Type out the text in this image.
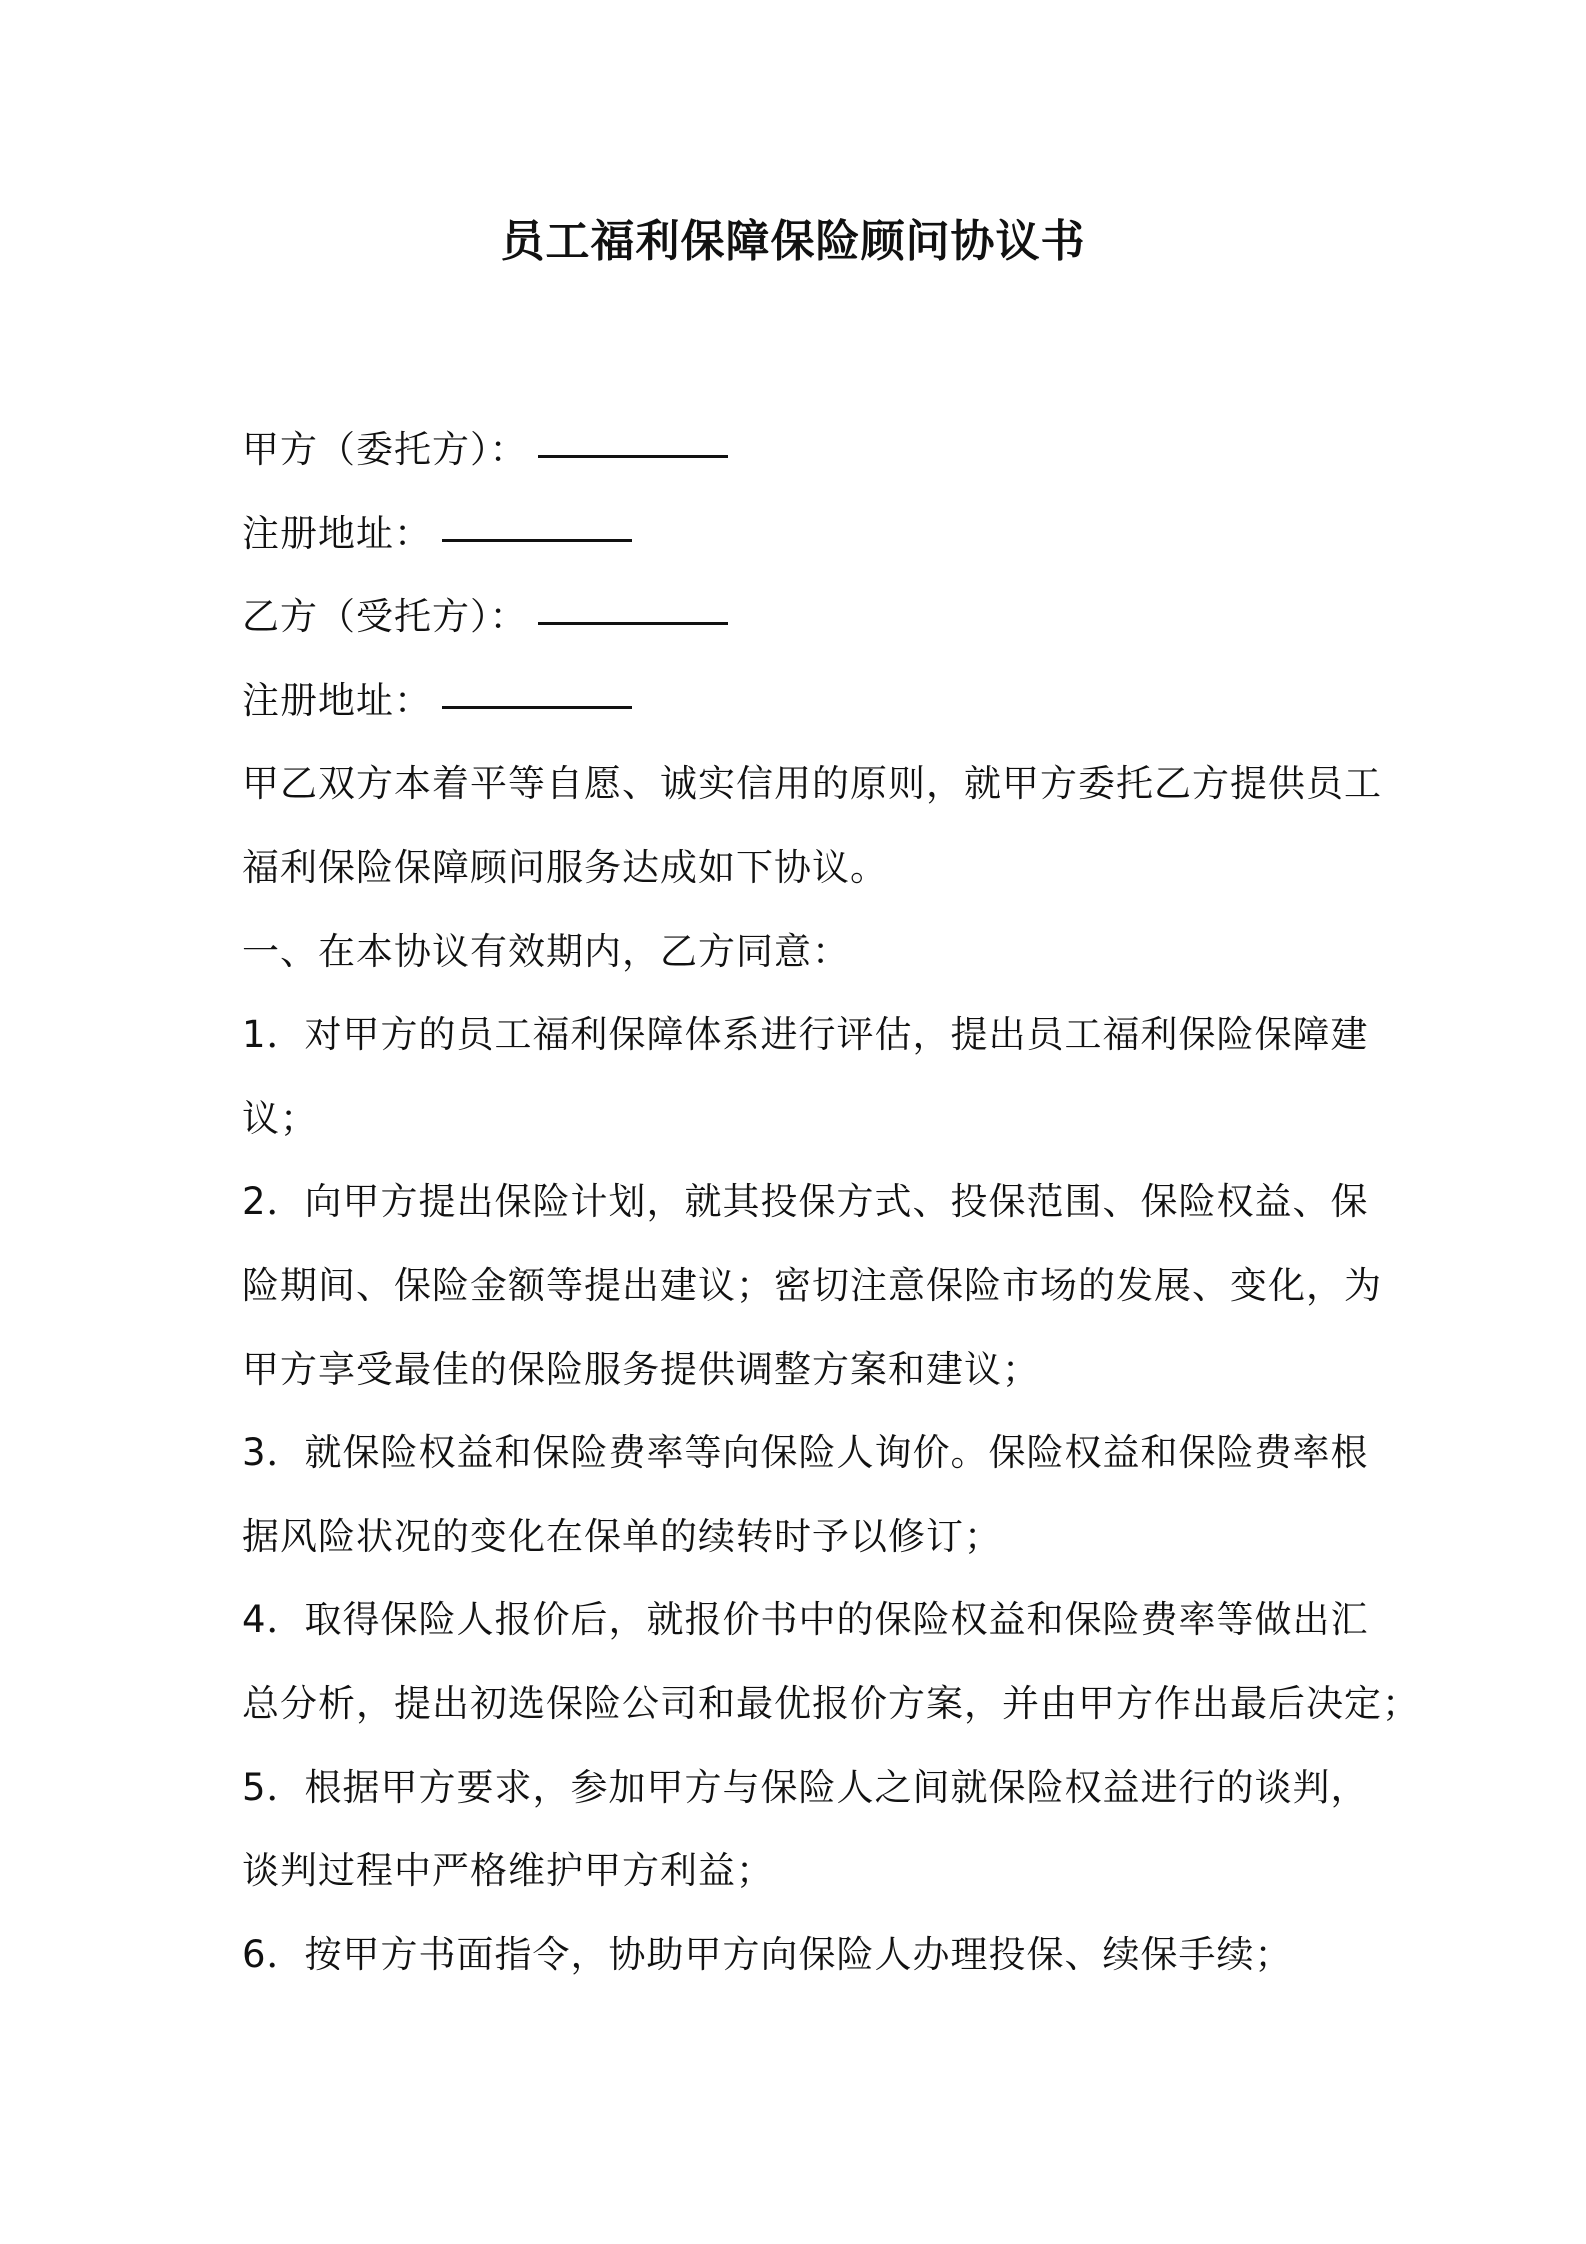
员工福利保障保险顾问协议书
甲方（委托方）：
注册地址：
乙方（受托方）：
注册地址：
甲乙双方本着平等自愿、诚实信用的原则，就甲方委托乙方提供员工
福利保险保障顾问服务达成如下协议。
一、在本协议有效期内，乙方同意：
1．对甲方的员工福利保障体系进行评估，提出员工福利保险保障建
议；
2．向甲方提出保险计划，就其投保方式、投保范围、保险权益、保
险期间、保险金额等提出建议；密切注意保险市场的发展、变化，为
甲方享受最佳的保险服务提供调整方案和建议；
3．就保险权益和保险费率等向保险人询价。保险权益和保险费率根
据风险状况的变化在保单的续转时予以修订；
4．取得保险人报价后，就报价书中的保险权益和保险费率等做出汇
总分析，提出初选保险公司和最优报价方案，并由甲方作出最后决定；
5．根据甲方要求，参加甲方与保险人之间就保险权益进行的谈判，
谈判过程中严格维护甲方利益；
6．按甲方书面指令，协助甲方向保险人办理投保、续保手续；
